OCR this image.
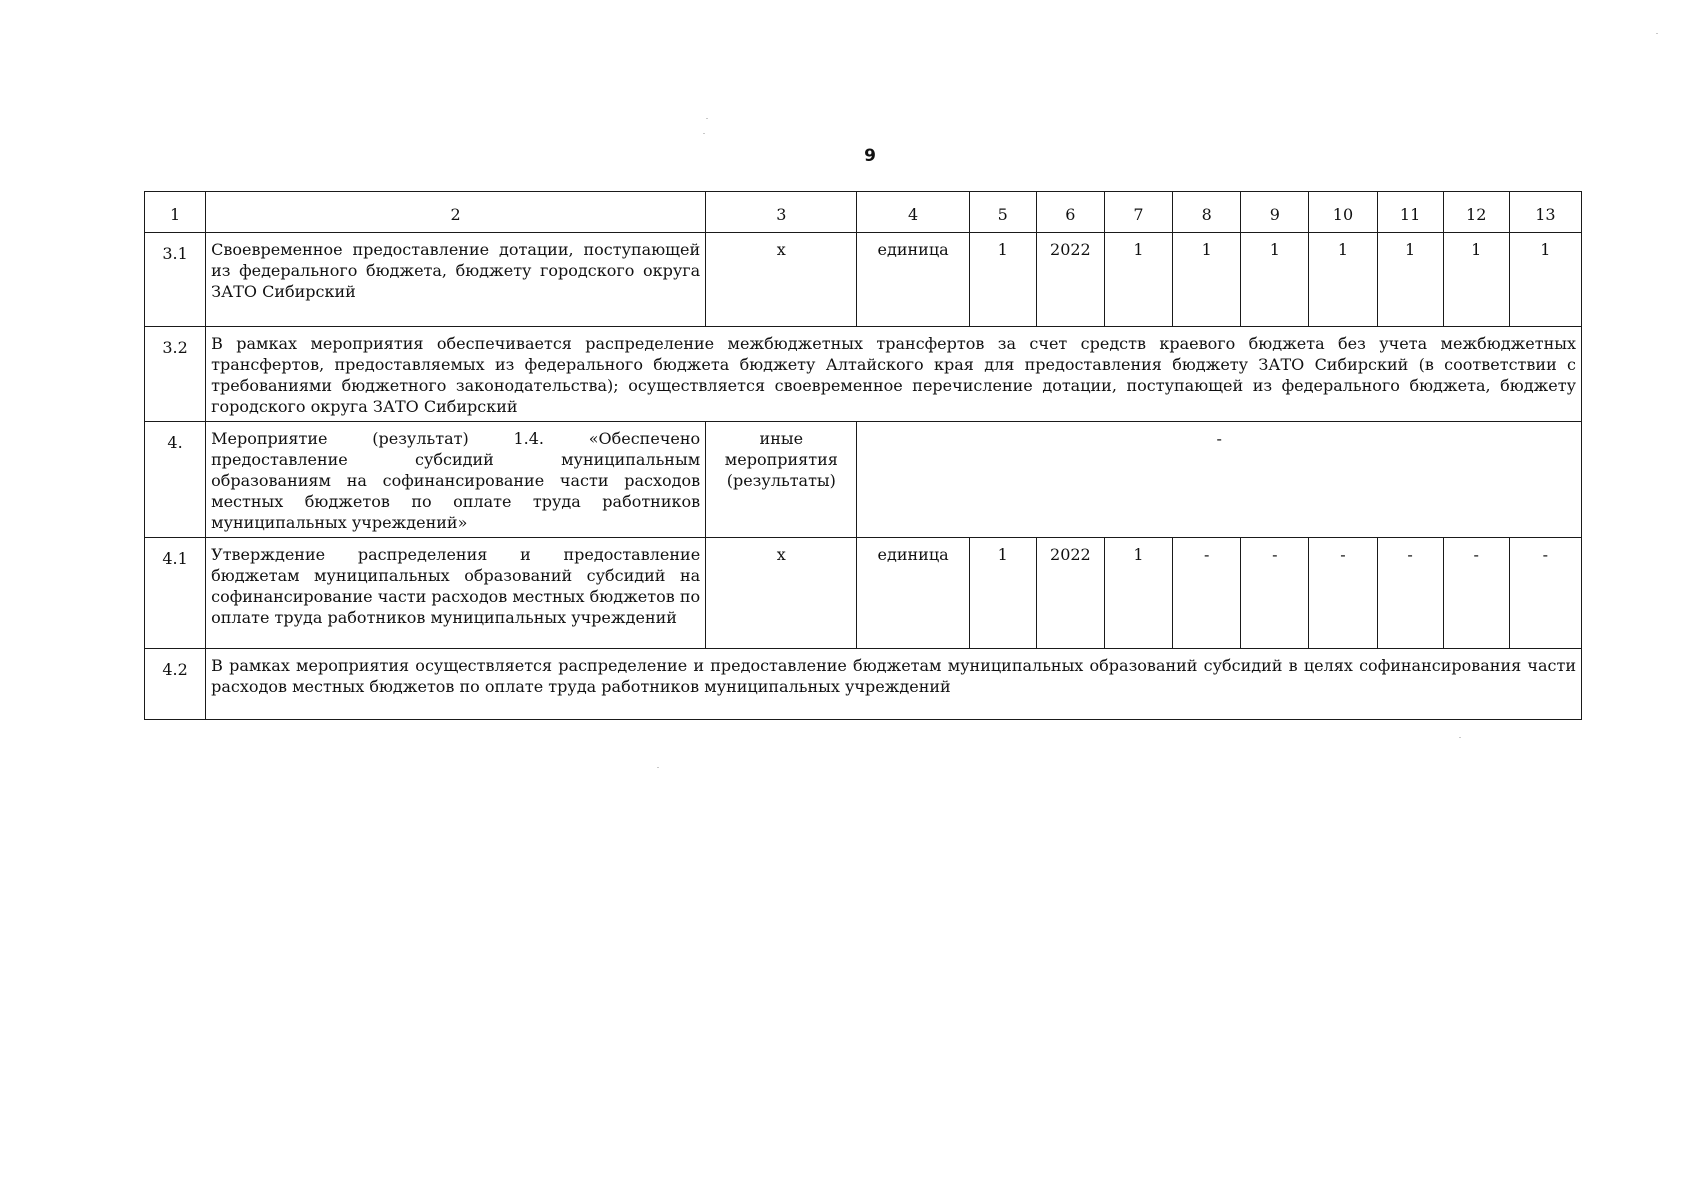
9
1	2	3	4	5	6	7	8	9	10	11	12	13
3.1	Своевременное предоставление дотации, поступающей из федерального бюджета, бюджету городского округа ЗАТО Сибирский	х	единица	1	2022	1	1	1	1	1	1	1
3.2	В рамках мероприятия обеспечивается распределение межбюджетных трансфертов за счет средств краевого бюджета без учета межбюджетных трансфертов, предоставляемых из федерального бюджета бюджету Алтайского края для предоставления бюджету ЗАТО Сибирский (в соответствии с требованиями бюджетного законодательства); осуществляется своевременное перечисление дотации, поступающей из федерального бюджета, бюджету городского округа ЗАТО Сибирский											
4.	Мероприятие (результат) 1.4. «Обеспечено предоставление субсидий муниципальным образованиям на софинансирование части расходов местных бюджетов по оплате труда работников муниципальных учреждений»	иные мероприятия (результаты)	-									
4.1	Утверждение распределения и предоставление бюджетам муниципальных образований субсидий на софинансирование части расходов местных бюджетов по оплате труда работников муниципальных учреждений	х	единица	1	2022	1	-	-	-	-	-	-
4.2	В рамках мероприятия осуществляется распределение и предоставление бюджетам муниципальных образований субсидий в целях софинансирования части расходов местных бюджетов по оплате труда работников муниципальных учреждений											
